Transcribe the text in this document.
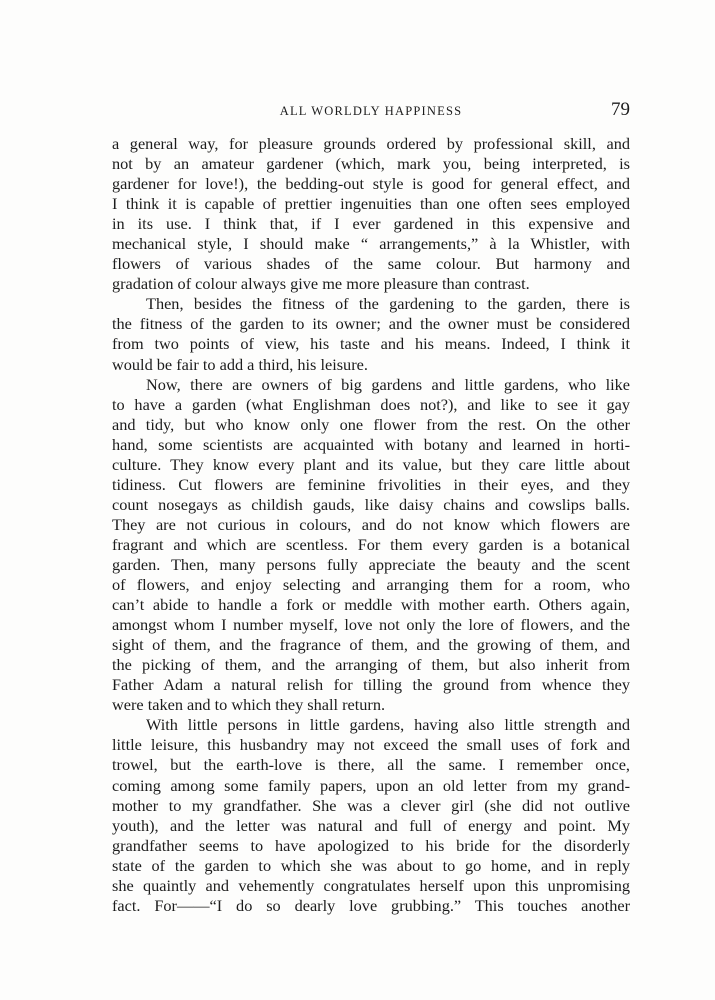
ALL WORLDLY HAPPINESS	79
a general way, for pleasure grounds ordered by professional skill, and
not by an amateur gardener (which, mark you, being interpreted, is
gardener for love!), the bedding-out style is good for general effect, and
I think it is capable of prettier ingenuities than one often sees employed
in its use. I think that, if I ever gardened in this expensive and
mechanical style, I should make “ arrangements,” à la Whistler, with
flowers of various shades of the same colour. But harmony and
gradation of colour always give me more pleasure than contrast.
Then, besides the fitness of the gardening to the garden, there is
the fitness of the garden to its owner; and the owner must be considered
from two points of view, his taste and his means. Indeed, I think it
would be fair to add a third, his leisure.
Now, there are owners of big gardens and little gardens, who like
to have a garden (what Englishman does not?), and like to see it gay
and tidy, but who know only one flower from the rest. On the other
hand, some scientists are acquainted with botany and learned in horti-
culture. They know every plant and its value, but they care little about
tidiness. Cut flowers are feminine frivolities in their eyes, and they
count nosegays as childish gauds, like daisy chains and cowslips balls.
They are not curious in colours, and do not know which flowers are
fragrant and which are scentless. For them every garden is a botanical
garden. Then, many persons fully appreciate the beauty and the scent
of flowers, and enjoy selecting and arranging them for a room, who
can’t abide to handle a fork or meddle with mother earth. Others again,
amongst whom I number myself, love not only the lore of flowers, and the
sight of them, and the fragrance of them, and the growing of them, and
the picking of them, and the arranging of them, but also inherit from
Father Adam a natural relish for tilling the ground from whence they
were taken and to which they shall return.
With little persons in little gardens, having also little strength and
little leisure, this husbandry may not exceed the small uses of fork and
trowel, but the earth-love is there, all the same. I remember once,
coming among some family papers, upon an old letter from my grand-
mother to my grandfather. She was a clever girl (she did not outlive
youth), and the letter was natural and full of energy and point. My
grandfather seems to have apologized to his bride for the disorderly
state of the garden to which she was about to go home, and in reply
she quaintly and vehemently congratulates herself upon this unpromising
fact. For——“I do so dearly love grubbing.” This touches another
